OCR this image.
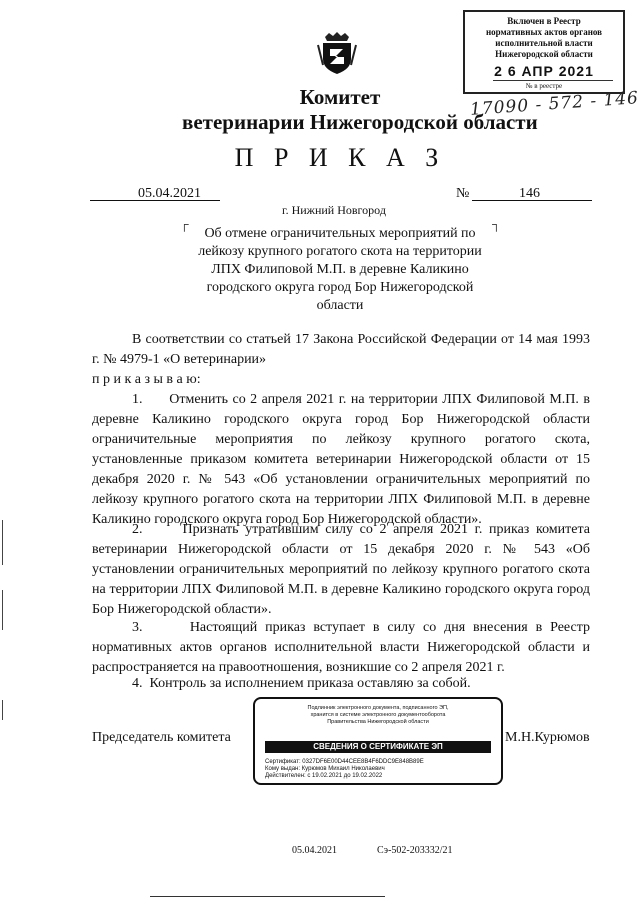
Включен в Реестр
нормативных актов органов
исполнительной власти
Нижегородской области
2 6 АПР 2021
№ в реестре
17090 - 572 - 146
Комитет
ветеринарии Нижегородской области
П Р И К А З
05.04.2021	№	146
г. Нижний Новгород
┌	┐
Об отмене ограничительных мероприятий по лейкозу крупного рогатого скота на территории ЛПХ Филиповой М.П. в деревне Каликино городского округа город Бор Нижегородской области
В соответствии со статьей 17 Закона Российской Федерации от 14 мая 1993 г. № 4979-1 «О ветеринарии»
п р и к а з ы в а ю:
1.      Отменить со 2 апреля 2021 г. на территории ЛПХ Филиповой М.П. в деревне Каликино городского округа город Бор Нижегородской области ограничительные мероприятия по лейкозу крупного рогатого скота, установленные приказом комитета ветеринарии Нижегородской области от 15 декабря 2020 г. № 543 «Об установлении ограничительных мероприятий по лейкозу крупного рогатого скота на территории ЛПХ Филиповой М.П. в деревне Каликино городского округа город Бор Нижегородской области».
2.      Признать утратившим силу со 2 апреля 2021 г. приказ комитета ветеринарии Нижегородской области от 15 декабря 2020 г. № 543 «Об установлении ограничительных мероприятий по лейкозу крупного рогатого скота на территории ЛПХ Филиповой М.П. в деревне Каликино городского округа город Бор Нижегородской области».
3.      Настоящий приказ вступает в силу со дня внесения в Реестр нормативных актов органов исполнительной власти Нижегородской области и распространяется на правоотношения, возникшие со 2 апреля 2021 г.
4.  Контроль за исполнением приказа оставляю за собой.
Председатель комитета	М.Н.Курюмов
Подлинник электронного документа, подписанного ЭП,
хранится в системе электронного документооборота
Правительства Нижегородской области
СВЕДЕНИЯ О СЕРТИФИКАТЕ ЭП
Сертификат: 0327DF6E00D44CEE8B4F6DDC9E848B89E
Кому выдан: Курюмов Михаил Николаевич
Действителен: с 19.02.2021 до 19.02.2022
05.04.2021	Сэ-502-203332/21
